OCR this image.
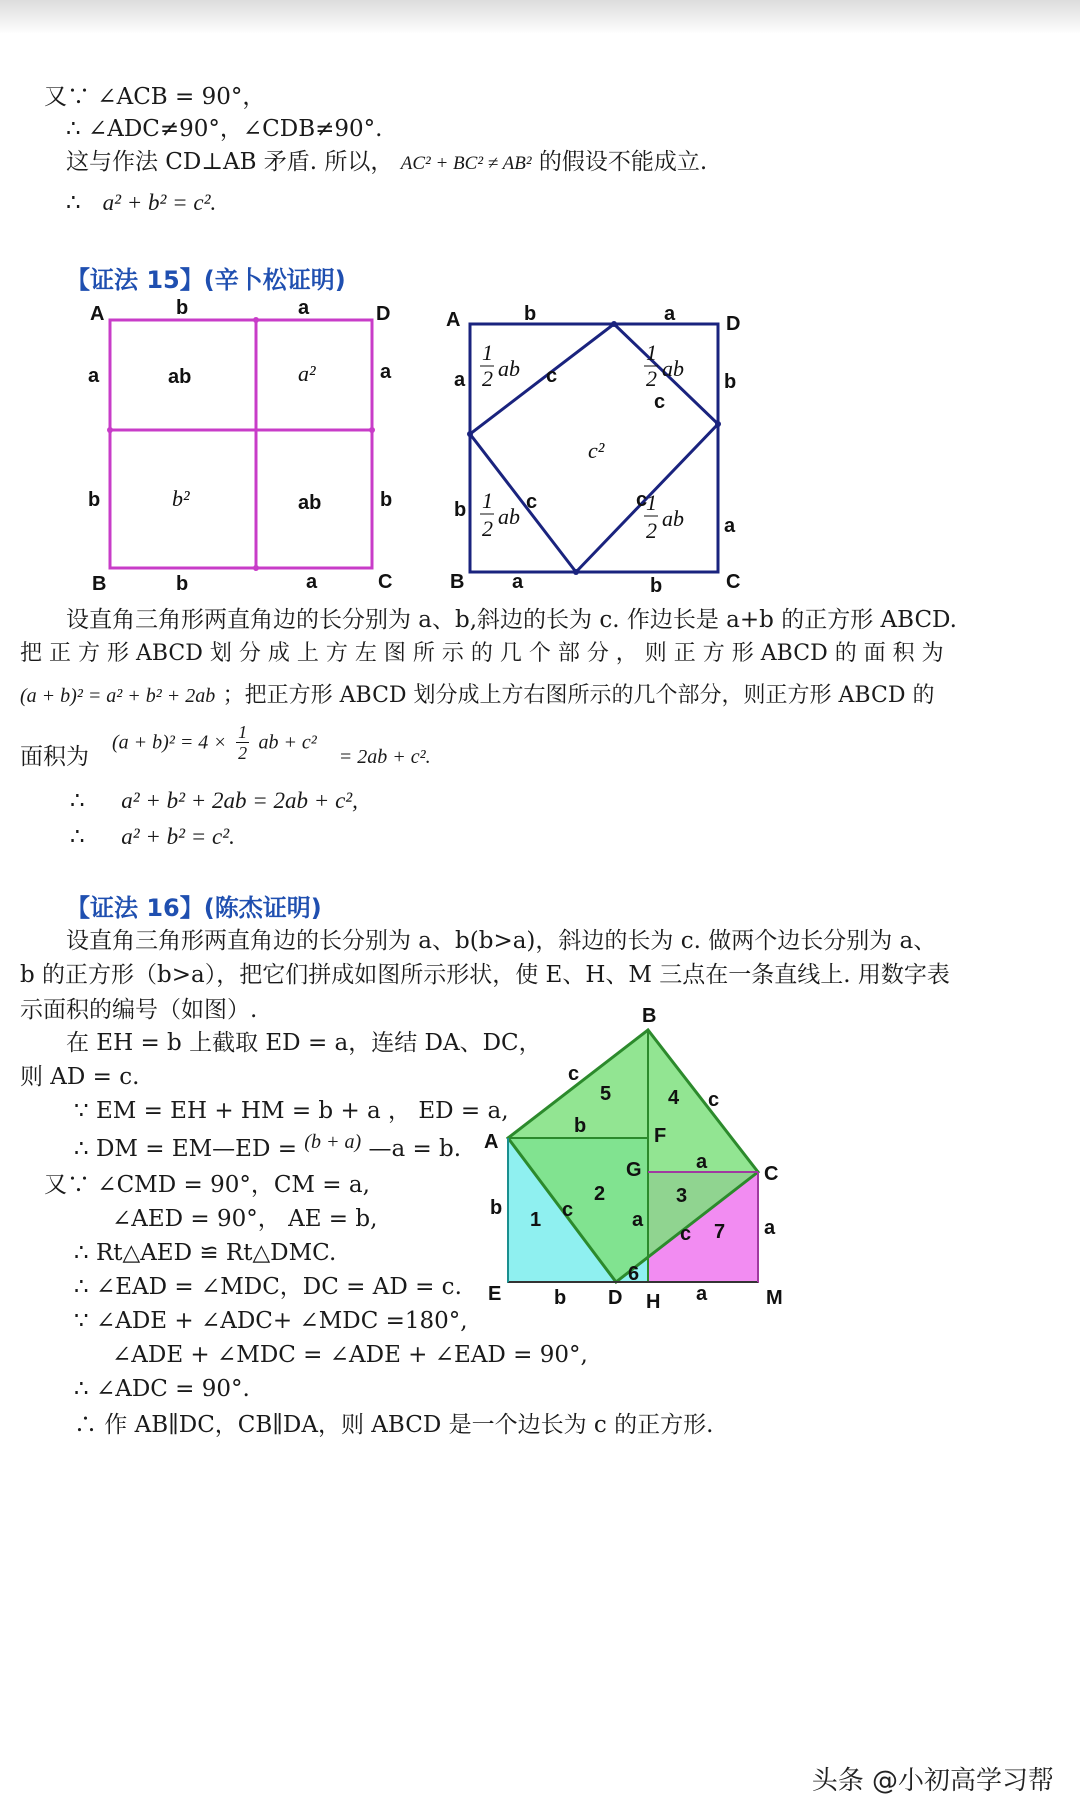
又∵ ∠ACB = 90°，
∴ ∠ADC≠90°，∠CDB≠90°.
这与作法 CD⊥AB 矛盾. 所以， AC² + BC² ≠ AB² 的假设不能成立.
∴ a² + b² = c².
【证法 15】(辛卜松证明)
A	D
B	C
b	a
a
b
a
b
b	a
ab	a²
b²	ab
A	D
B	C
b	a
a
b
b
a
a	b
c
c
c	c
c²
1
2 ab
1
2 ab
1
2 ab
1
2 ab
设直角三角形两直角边的长分别为 a、b,斜边的长为 c. 作边长是 a+b 的正方形 ABCD.
把 正 方 形 ABCD 划 分 成 上 方 左 图 所 示 的 几 个 部 分 ， 则 正 方 形 ABCD 的 面 积 为
(a + b)² = a² + b² + 2ab ；把正方形 ABCD 划分成上方右图所示的几个部分，则正方形 ABCD 的
面积为
$(a + b)^2 = 4 \times \frac{1}{2}$ ab + c²   = 2ab + c².
∴ a² + b² + 2ab = 2ab + c²,
∴ a² + b² = c².
【证法 16】(陈杰证明)
设直角三角形两直角边的长分别为 a、b(b>a)，斜边的长为 c. 做两个边长分别为 a、
b 的正方形（b>a），把它们拼成如图所示形状，使 E、H、M 三点在一条直线上. 用数字表
示面积的编号（如图）.
在 EH = b 上截取 ED = a，连结 DA、DC，
则 AD = c.
∵ EM = EH + HM = b + a ， ED = a,
∴ DM = EM—ED = (b + a) —a = b.
又∵ ∠CMD = 90°，CM = a,
∠AED = 90°， AE = b,
∴ Rt△AED ≌ Rt△DMC.
∴ ∠EAD = ∠MDC，DC = AD = c.
∵ ∠ADE + ∠ADC+ ∠MDC =180°,
∠ADE + ∠MDC = ∠ADE + ∠EAD = 90°,
∴ ∠ADC = 90°.
∴ 作 AB∥DC，CB∥DA，则 ABCD 是一个边长为 c 的正方形.
B
A
C
D
E
F
G
H	M
1
2	3
4
5
6
7
c
c
c
c
b
b
b
a
a
a
a
头条 @小初高学习帮
